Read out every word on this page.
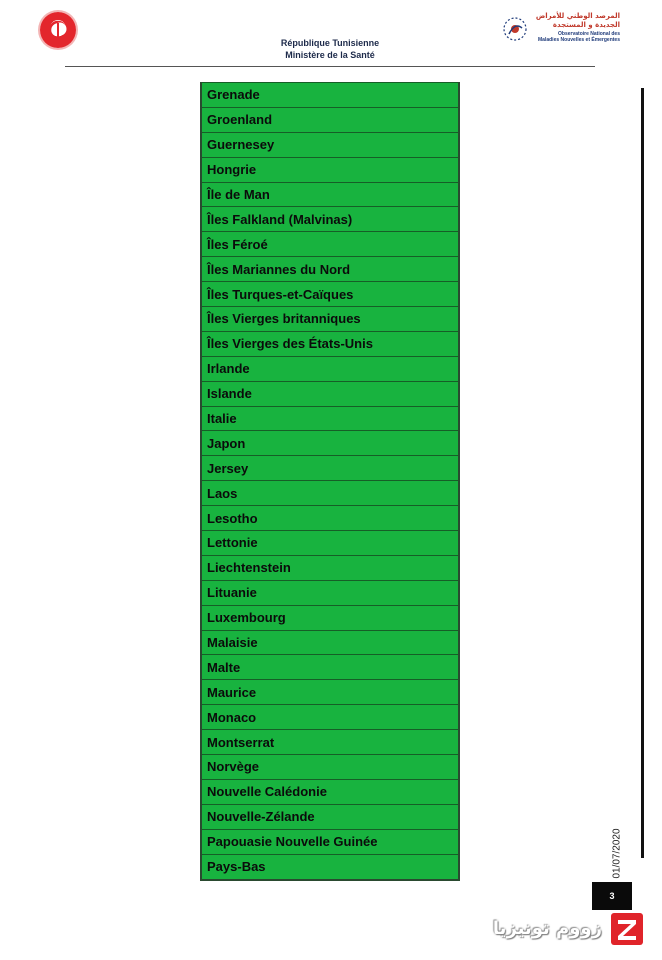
République Tunisienne
Ministère de la Santé
المرصد الوطني للأمراض
الجديدة و المستجدة
Observatoire National des
Maladies Nouvelles et Émergentes
Grenade
Groenland
Guernesey
Hongrie
Île de Man
Îles Falkland (Malvinas)
Îles Féroé
Îles Mariannes du Nord
Îles Turques-et-Caïques
Îles Vierges britanniques
Îles Vierges des États-Unis
Irlande
Islande
Italie
Japon
Jersey
Laos
Lesotho
Lettonie
Liechtenstein
Lituanie
Luxembourg
Malaisie
Malte
Maurice
Monaco
Montserrat
Norvège
Nouvelle Calédonie
Nouvelle-Zélande
Papouasie Nouvelle Guinée
Pays-Bas	01/07/2020
3
زووم تونيزيا
